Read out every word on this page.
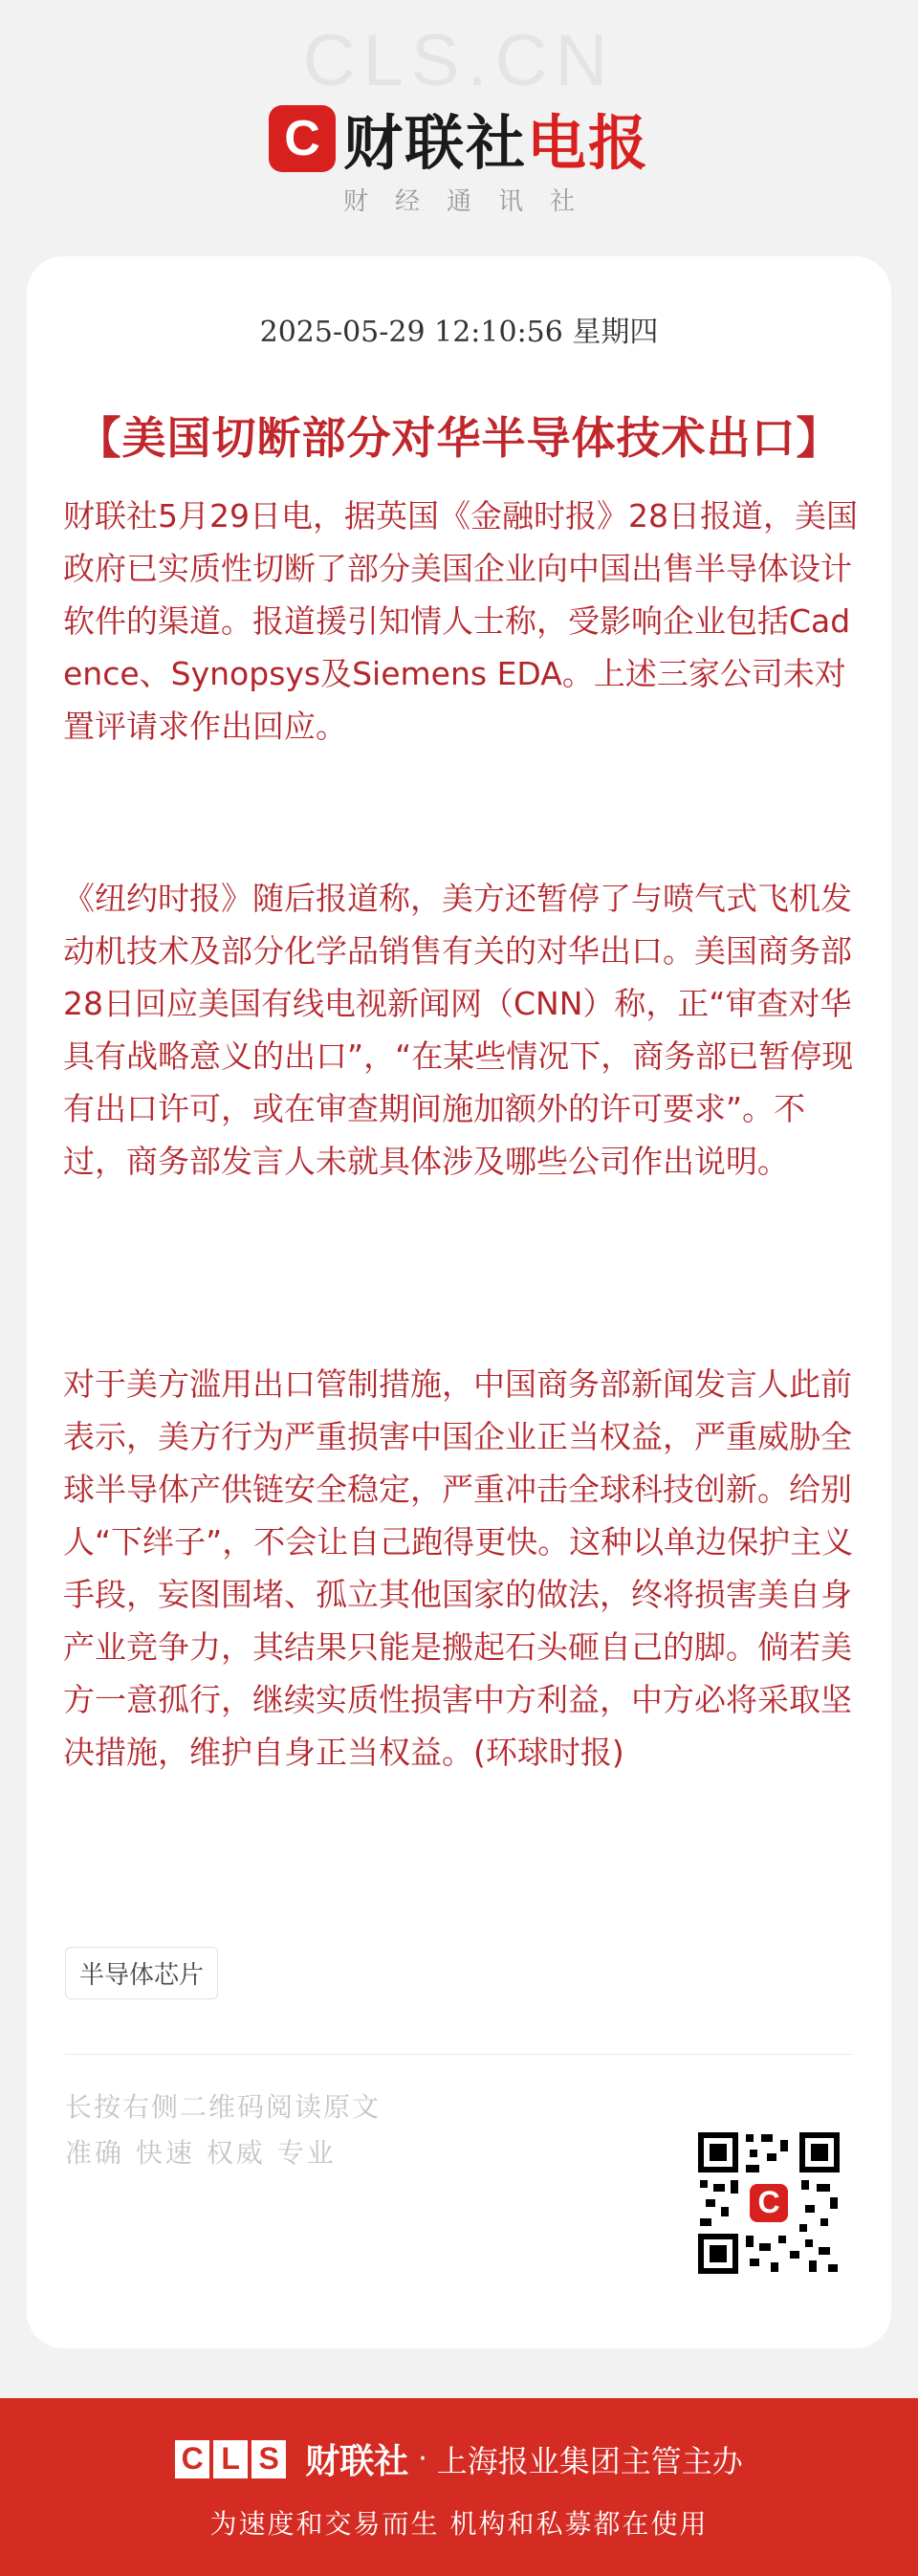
CLS.CN
C 财联社电报
财经通讯社
2025-05-29 12:10:56 星期四
【美国切断部分对华半导体技术出口】

财联社5月29日电，据英国《金融时报》28日报道，美国政府已实质性切断了部分美国企业向中国出售半导体设计软件的渠道。报道援引知情人士称，受影响企业包括Cadence、Synopsys及Siemens EDA。上述三家公司未对置评请求作出回应。

《纽约时报》随后报道称，美方还暂停了与喷气式飞机发动机技术及部分化学品销售有关的对华出口。美国商务部28日回应美国有线电视新闻网（CNN）称，正“审查对华具有战略意义的出口”，“在某些情况下，商务部已暂停现有出口许可，或在审查期间施加额外的许可要求”。不过，商务部发言人未就具体涉及哪些公司作出说明。

对于美方滥用出口管制措施，中国商务部新闻发言人此前表示，美方行为严重损害中国企业正当权益，严重威胁全球半导体产供链安全稳定，严重冲击全球科技创新。给别人“下绊子”，不会让自己跑得更快。这种以单边保护主义手段，妄图围堵、孤立其他国家的做法，终将损害美自身产业竞争力，其结果只能是搬起石头砸自己的脚。倘若美方一意孤行，继续实质性损害中方利益，中方必将采取坚决措施，维护自身正当权益。(环球时报)

半导体芯片
长按右侧二维码阅读原文
准确 快速 权威 专业
C
C L S 财联社 · 上海报业集团主管主办
为速度和交易而生 机构和私募都在使用
